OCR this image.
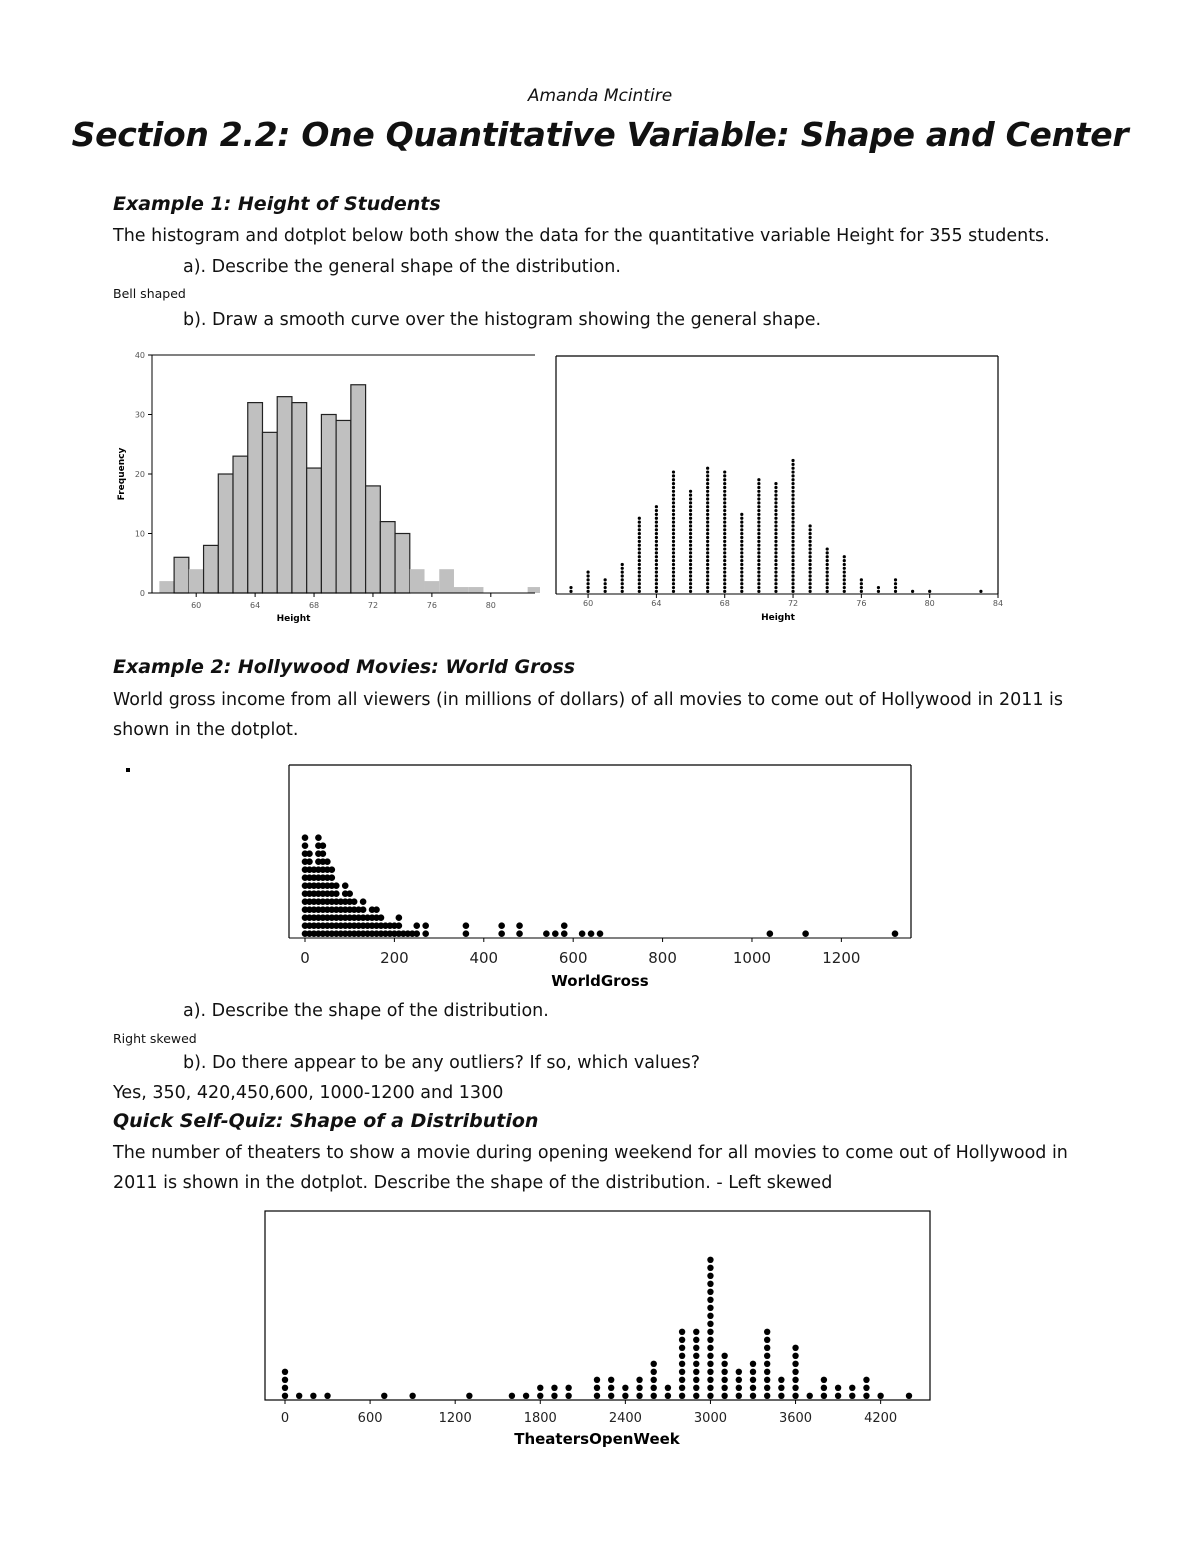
Amanda Mcintire
Section 2.2: One Quantitative Variable: Shape and Center
Example 1: Height of Students
The histogram and dotplot below both show the data for the quantitative variable Height for 355 students.
a). Describe the general shape of the distribution.
Bell shaped
b). Draw a smooth curve over the histogram showing the general shape.
0
10
20
30
40
60	64	68	72	76	80
Height
Frequency
60	64	68	72	76	80	84
Height
Example 2: Hollywood Movies: World Gross
World gross income from all viewers (in millions of dollars) of all movies to come out of Hollywood in 2011 is
shown in the dotplot.
0	200	400	600	800	1000	1200
WorldGross
a). Describe the shape of the distribution.
Right skewed
b). Do there appear to be any outliers? If so, which values?
Yes, 350, 420,450,600, 1000-1200 and 1300
Quick Self-Quiz: Shape of a Distribution
The number of theaters to show a movie during opening weekend for all movies to come out of Hollywood in
2011 is shown in the dotplot. Describe the shape of the distribution. - Left skewed
0	600	1200	1800	2400	3000	3600	4200
TheatersOpenWeek
